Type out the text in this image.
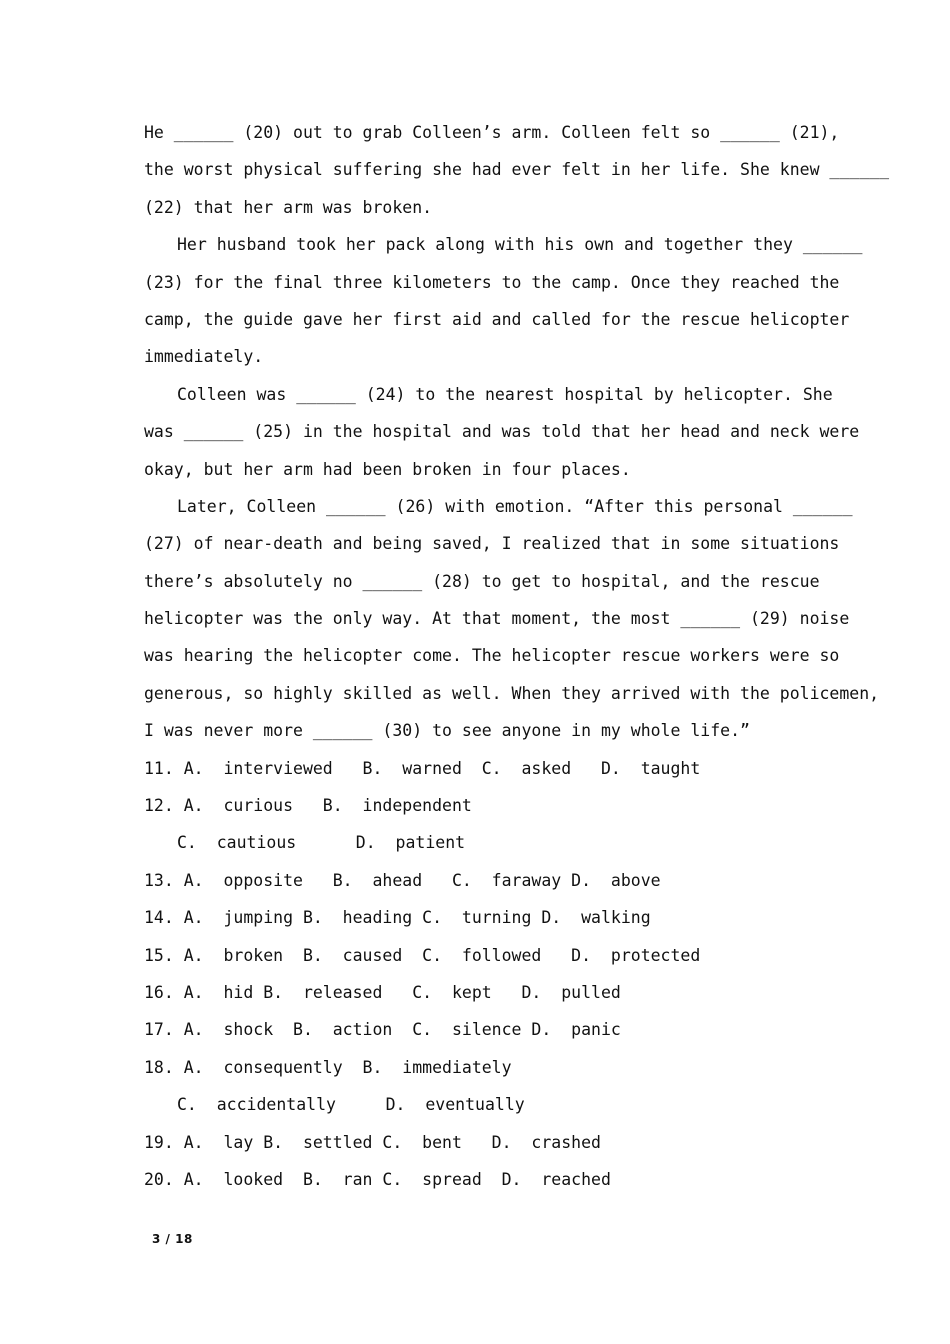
He ______ (20) out to grab Colleen’s arm. Colleen felt so ______ (21),
the worst physical suffering she had ever felt in her life. She knew ______
(22) that her arm was broken.
Her husband took her pack along with his own and together they ______
(23) for the final three kilometers to the camp. Once they reached the
camp, the guide gave her first aid and called for the rescue helicopter
immediately.
Colleen was ______ (24) to the nearest hospital by helicopter. She
was ______ (25) in the hospital and was told that her head and neck were
okay, but her arm had been broken in four places.
Later, Colleen ______ (26) with emotion. “After this personal ______
(27) of near-death and being saved, I realized that in some situations
there’s absolutely no ______ (28) to get to hospital, and the rescue
helicopter was the only way. At that moment, the most ______ (29) noise
was hearing the helicopter come. The helicopter rescue workers were so
generous, so highly skilled as well. When they arrived with the policemen,
I was never more ______ (30) to see anyone in my whole life.”
11. A.  interviewed   B.  warned  C.  asked   D.  taught
12. A.  curious   B.  independent
C.  cautious      D.  patient
13. A.  opposite   B.  ahead   C.  faraway D.  above
14. A.  jumping B.  heading C.  turning D.  walking
15. A.  broken  B.  caused  C.  followed   D.  protected
16. A.  hid B.  released   C.  kept   D.  pulled
17. A.  shock  B.  action  C.  silence D.  panic
18. A.  consequently  B.  immediately
C.  accidentally     D.  eventually
19. A.  lay B.  settled C.  bent   D.  crashed
20. A.  looked  B.  ran C.  spread  D.  reached
3 / 18
